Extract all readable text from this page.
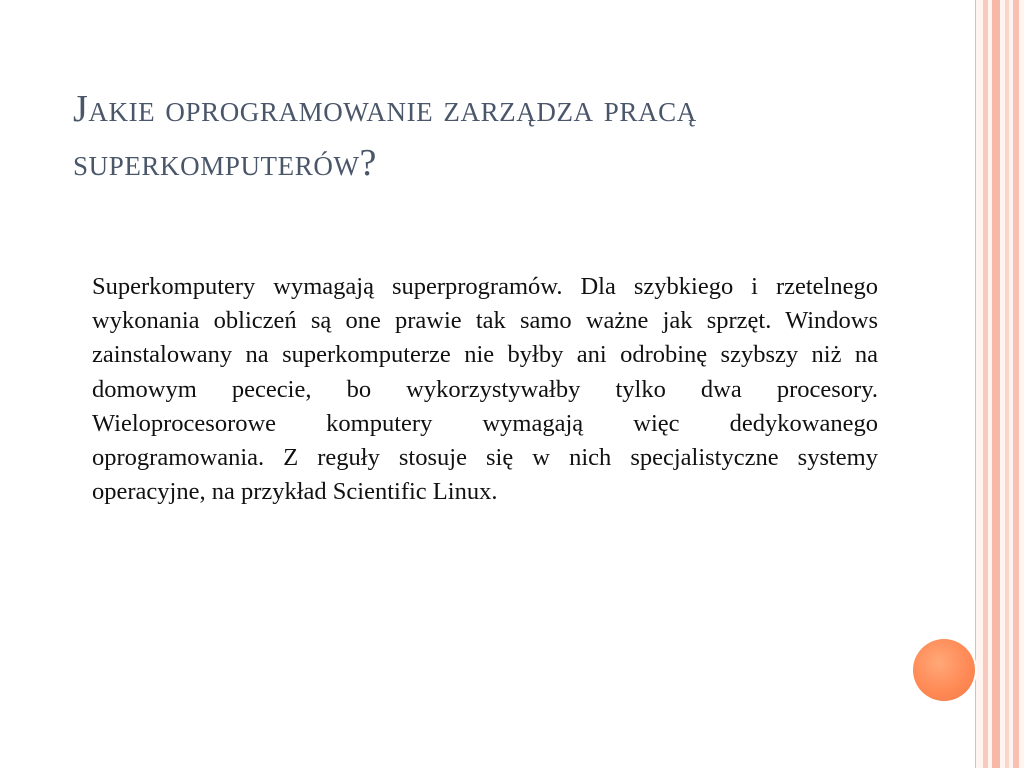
Jakie oprogramowanie zarządza pracą superkomputerów?

Superkomputery wymagają superprogramów. Dla szybkiego i rzetelnego wykonania obliczeń są one prawie tak samo ważne jak sprzęt. Windows zainstalowany na superkomputerze nie byłby ani odrobinę szybszy niż na domowym pececie, bo wykorzystywałby tylko dwa procesory. Wieloprocesorowe komputery wymagają więc dedykowanego oprogramowania. Z reguły stosuje się w nich specjalistyczne systemy operacyjne, na przykład Scientific Linux.
